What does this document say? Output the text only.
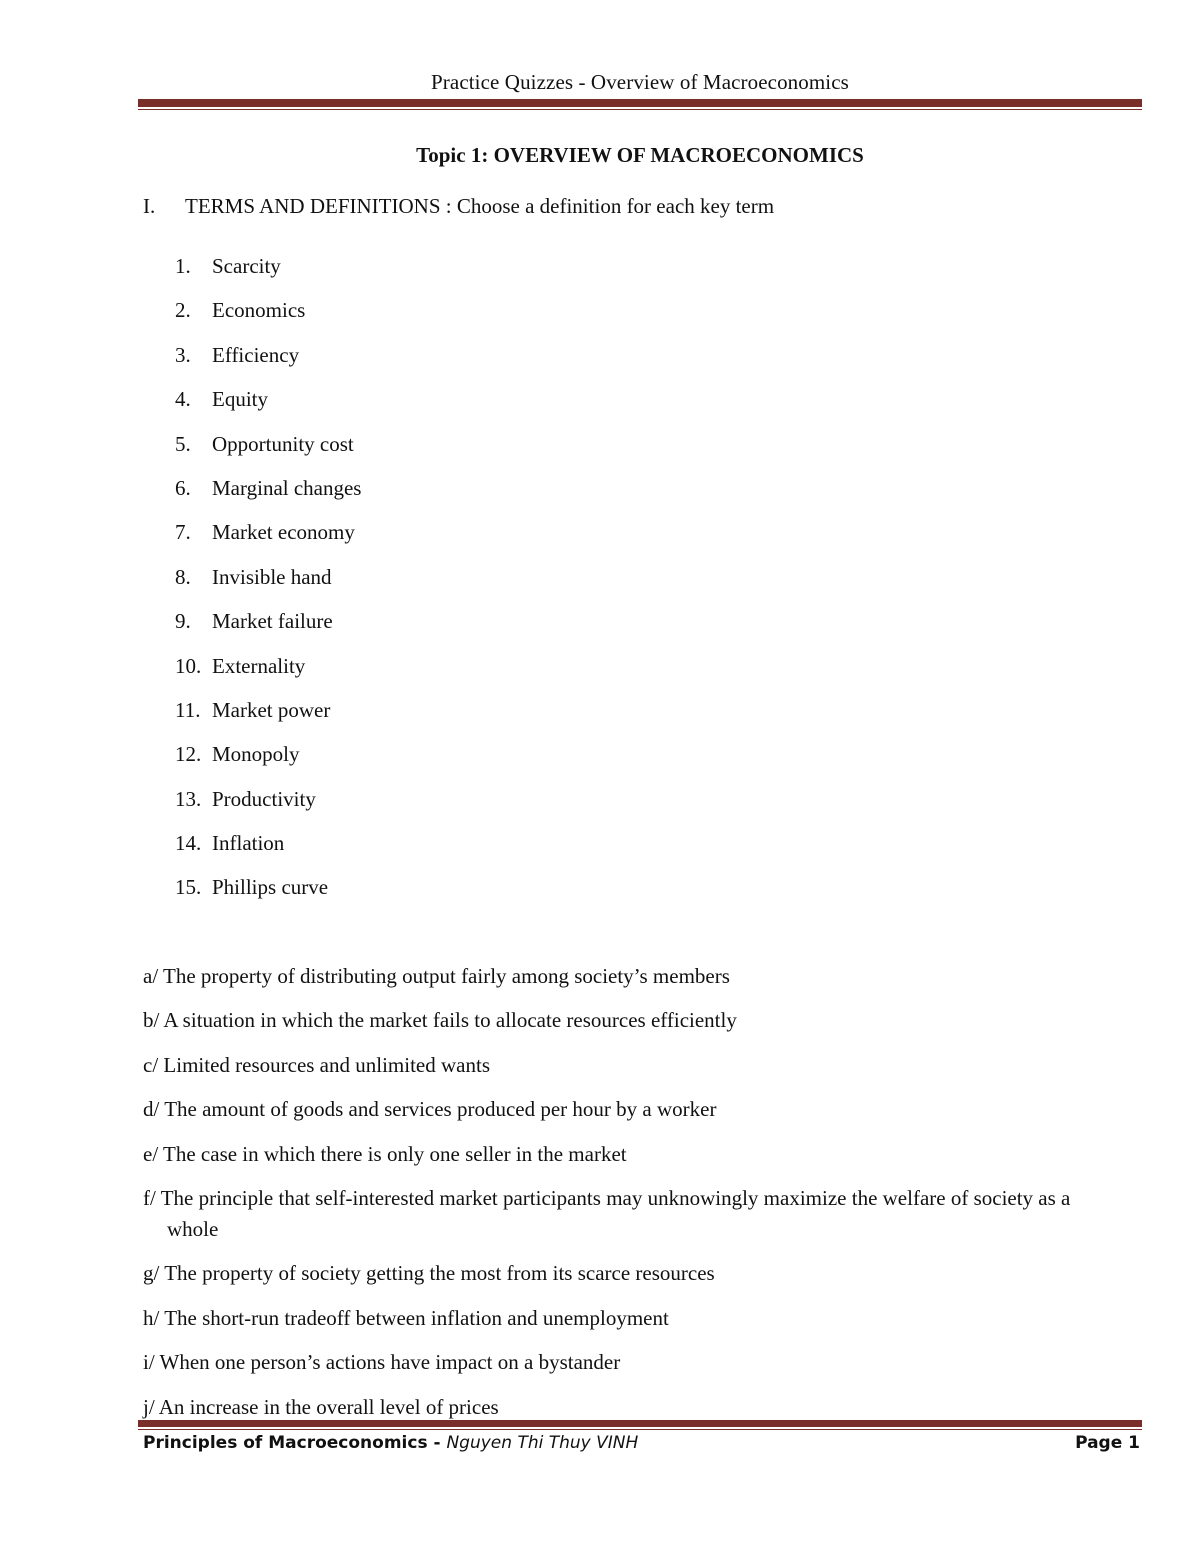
Practice Quizzes - Overview of Macroeconomics
Topic 1: OVERVIEW OF MACROECONOMICS
I. TERMS AND DEFINITIONS : Choose a definition for each key term
1.	Scarcity
2.	Economics
3.	Efficiency
4.	Equity
5.	Opportunity cost
6.	Marginal changes
7.	Market economy
8.	Invisible hand
9.	Market failure
10. Externality
11. Market power
12. Monopoly
13. Productivity
14. Inflation
15. Phillips curve
a/ The property of distributing output fairly among society’s members
b/ A situation in which the market fails to allocate resources efficiently
c/ Limited resources and unlimited wants
d/ The amount of goods and services produced per hour by a worker
e/ The case in which there is only one seller in the market
f/ The principle that self-interested market participants may unknowingly maximize the welfare of society as a whole
g/ The property of society getting the most from its scarce resources
h/ The short-run tradeoff between inflation and unemployment
i/ When one person’s actions have impact on a bystander
j/ An increase in the overall level of prices
Principles of Macroeconomics - Nguyen Thi Thuy VINH	Page 1
